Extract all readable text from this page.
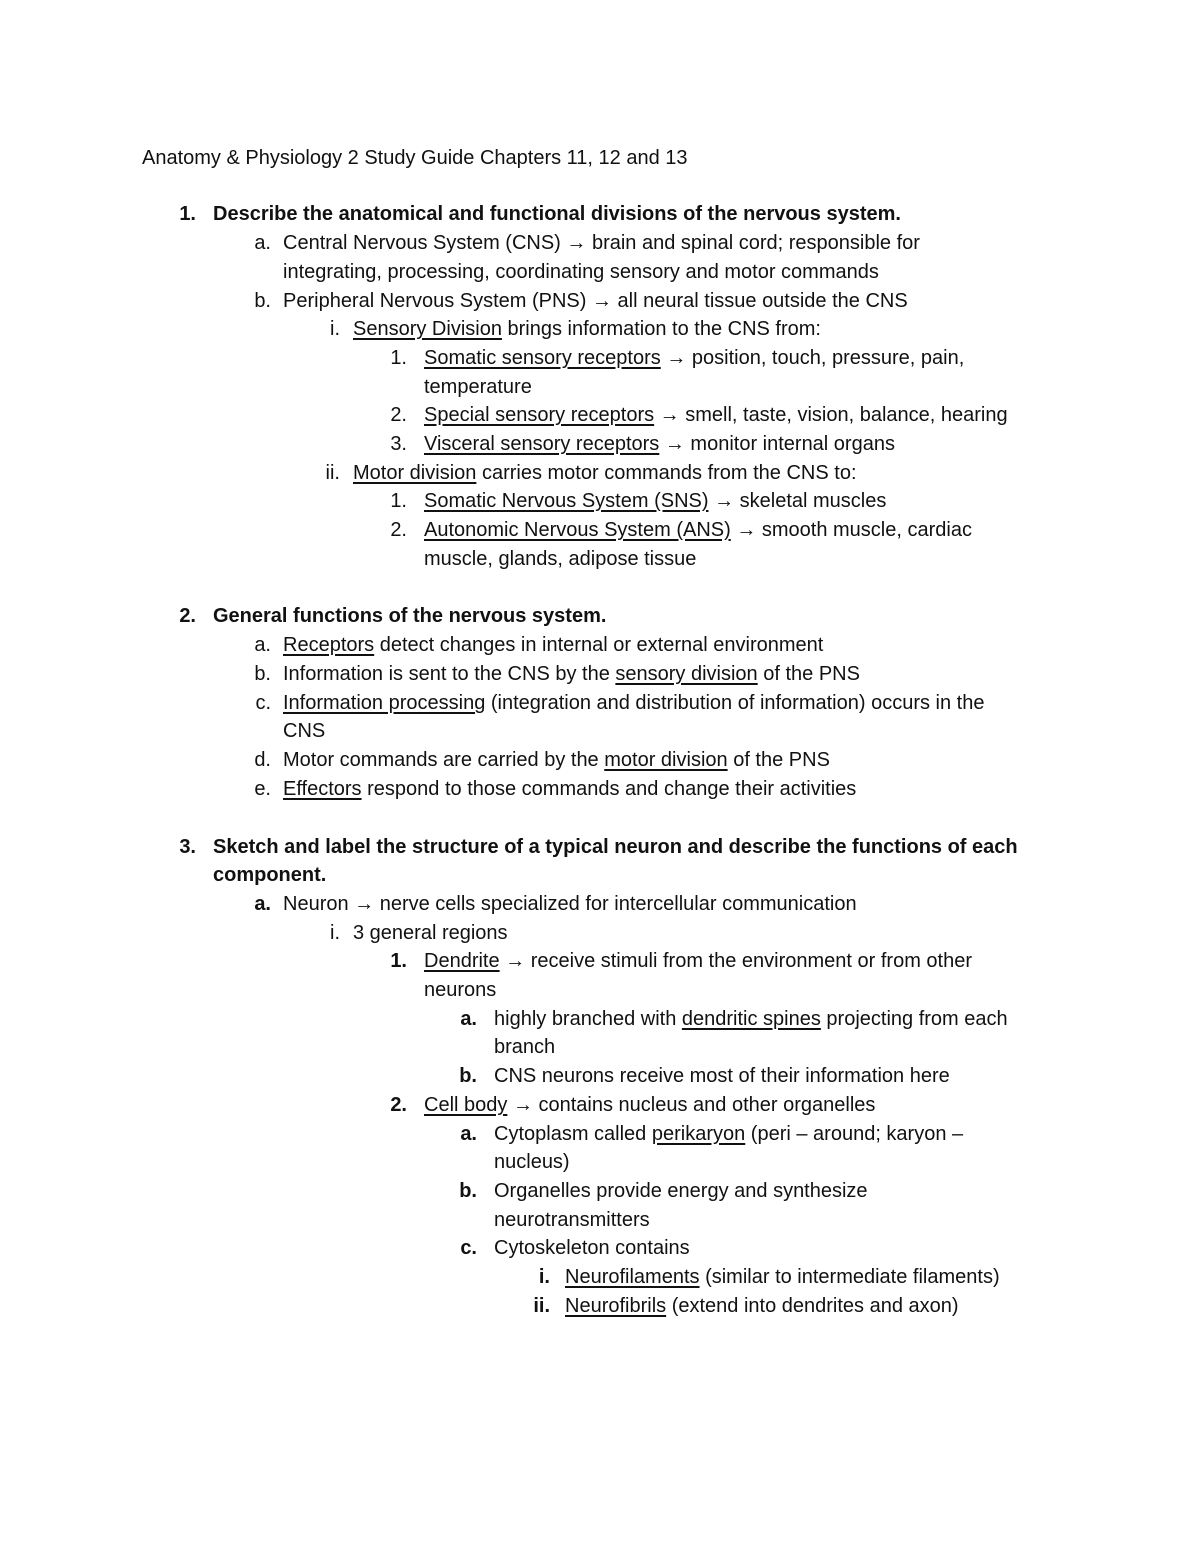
Anatomy & Physiology 2 Study Guide Chapters 11, 12 and 13
1. Describe the anatomical and functional divisions of the nervous system.
a. Central Nervous System (CNS) → brain and spinal cord; responsible for
integrating, processing, coordinating sensory and motor commands
b. Peripheral Nervous System (PNS) → all neural tissue outside the CNS
i. Sensory Division brings information to the CNS from:
1. Somatic sensory receptors → position, touch, pressure, pain,
temperature
2. Special sensory receptors → smell, taste, vision, balance, hearing
3. Visceral sensory receptors → monitor internal organs
ii. Motor division carries motor commands from the CNS to:
1. Somatic Nervous System (SNS) → skeletal muscles
2. Autonomic Nervous System (ANS) → smooth muscle, cardiac
muscle, glands, adipose tissue
2. General functions of the nervous system.
a. Receptors detect changes in internal or external environment
b. Information is sent to the CNS by the sensory division of the PNS
c. Information processing (integration and distribution of information) occurs in the
CNS
d. Motor commands are carried by the motor division of the PNS
e. Effectors respond to those commands and change their activities
3. Sketch and label the structure of a typical neuron and describe the functions of each
component.
a. Neuron → nerve cells specialized for intercellular communication
i. 3 general regions
1. Dendrite → receive stimuli from the environment or from other
neurons
a. highly branched with dendritic spines projecting from each
branch
b. CNS neurons receive most of their information here
2. Cell body → contains nucleus and other organelles
a. Cytoplasm called perikaryon (peri – around; karyon –
nucleus)
b. Organelles provide energy and synthesize
neurotransmitters
c. Cytoskeleton contains
i. Neurofilaments (similar to intermediate filaments)
ii. Neurofibrils (extend into dendrites and axon)
